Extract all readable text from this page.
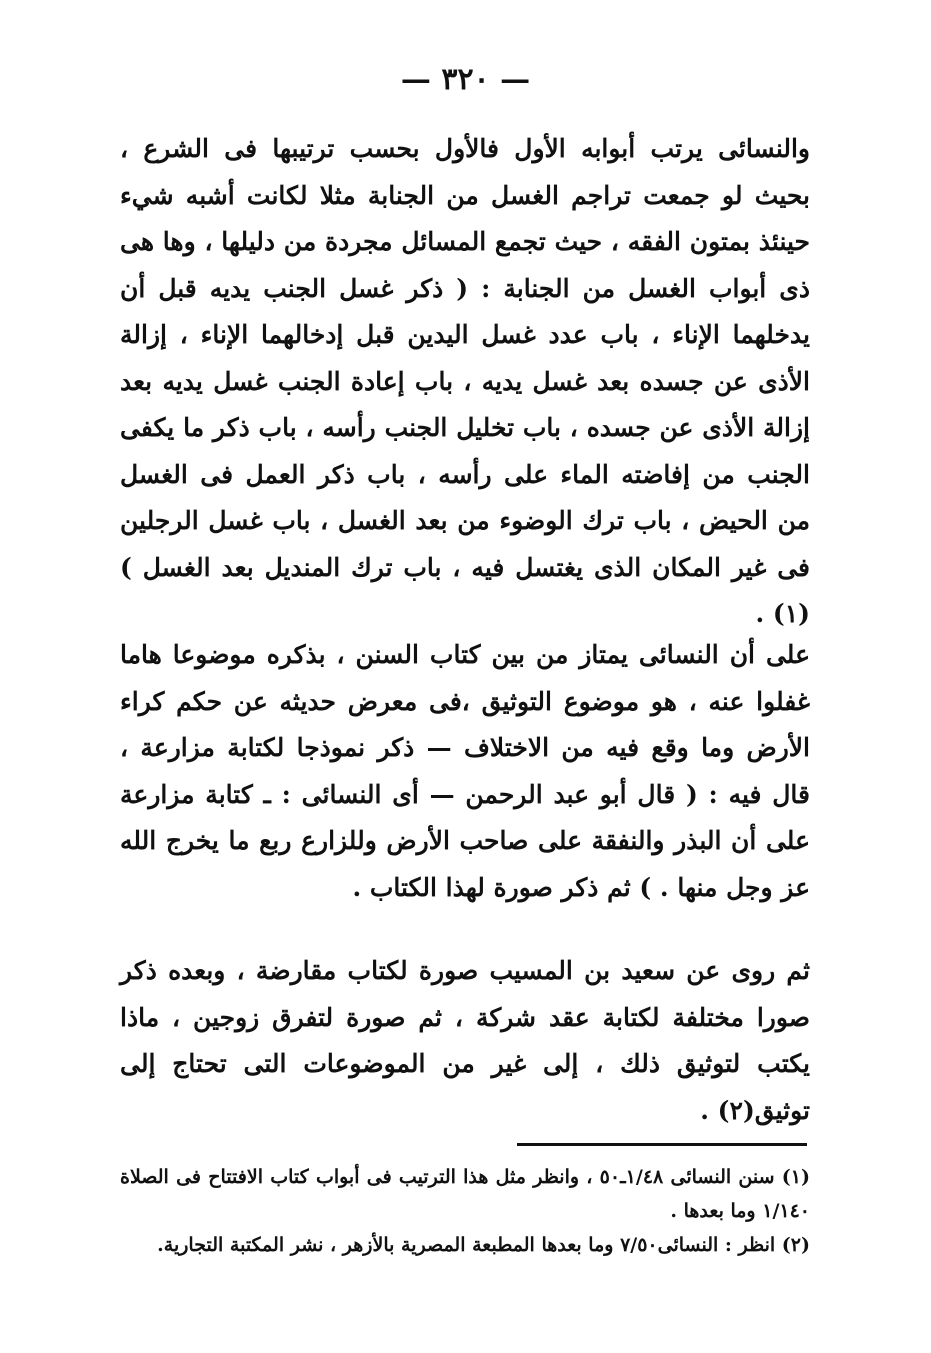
— ٣٢٠ —

والنسائى يرتب أبوابه الأول فالأول بحسب ترتيبها فى الشرع ، بحيث لو جمعت تراجم الغسل من الجنابة مثلا لكانت أشبه شيء حينئذ بمتون الفقه ، حيث تجمع المسائل مجردة من دليلها ، وها هى ذى أبواب الغسل من الجنابة : ( ذكر غسل الجنب يديه قبل أن يدخلهما الإناء ، باب عدد غسل اليدين قبل إدخالهما الإناء ، إزالة الأذى عن جسده بعد غسل يديه ، باب إعادة الجنب غسل يديه بعد إزالة الأذى عن جسده ، باب تخليل الجنب رأسه ، باب ذكر ما يكفى الجنب من إفاضته الماء على رأسه ، باب ذكر العمل فى الغسل من الحيض ، باب ترك الوضوء من بعد الغسل ، باب غسل الرجلين فى غير المكان الذى يغتسل فيه ، باب ترك المنديل بعد الغسل )(١) .

على أن النسائى يمتاز من بين كتاب السنن ، بذكره موضوعا هاما غفلوا عنه ، هو موضوع التوثيق ،فى معرض حديثه عن حكم كراء الأرض وما وقع فيه من الاختلاف — ذكر نموذجا لكتابة مزارعة ، قال فيه : ( قال أبو عبد الرحمن — أى النسائى : ـ كتابة مزارعة على أن البذر والنفقة على صاحب الأرض وللزارع ربع ما يخرج الله عز وجل منها . ) ثم ذكر صورة لهذا الكتاب .

ثم روى عن سعيد بن المسيب صورة لكتاب مقارضة ، وبعده ذكر صورا مختلفة لكتابة عقد شركة ، ثم صورة لتفرق زوجين ، ماذا يكتب لتوثيق ذلك ، إلى غير من الموضوعات التى تحتاج إلى توثيق(٢) .

(١) سنن النسائى ١/٤٨ـ٥٠ ، وانظر مثل هذا الترتيب فى أبواب كتاب الافتتاح فى الصلاة ١/١٤٠ وما بعدها .

(٢) انظر : النسائى٧/٥٠ وما بعدها المطبعة المصرية بالأزهر ، نشر المكتبة التجارية.
